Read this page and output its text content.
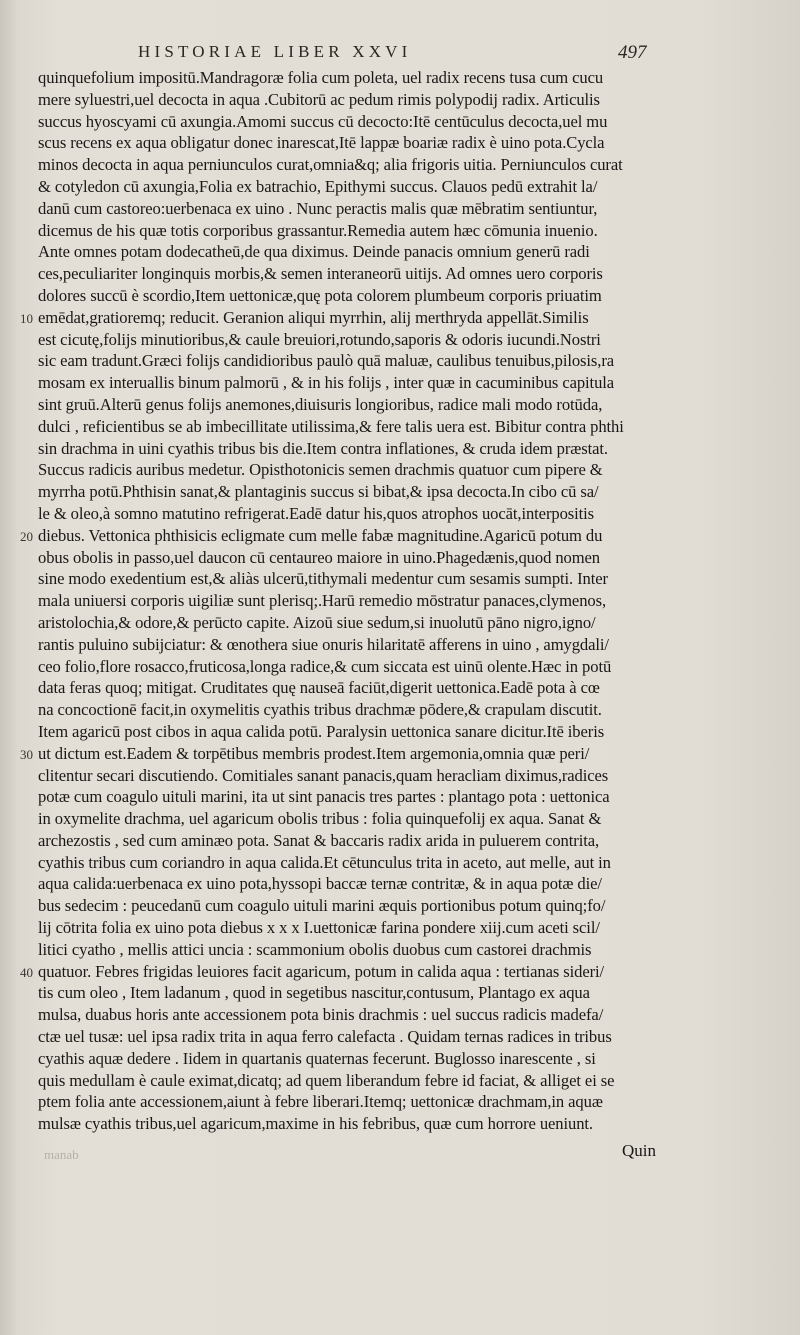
HISTORIAE LIBER XXVI	497
quinquefolium impositū.Mandragoræ folia cum poleta, uel radix recens tusa cum cucu
mere syluestri,uel decocta in aqua .Cubitorū ac pedum rimis polypodij radix. Articulis
succus hyoscyami cū axungia.Amomi succus cū decocto:Itē centūculus decocta,uel mu
scus recens ex aqua obligatur donec inarescat,Itē lappæ boariæ radix è uino pota.Cycla
minos decocta in aqua perniunculos curat,omnia&q; alia frigoris uitia. Perniunculos curat
& cotyledon cū axungia,Folia ex batrachio, Epithymi succus. Clauos pedū extrahit la/
danū cum castoreo:uerbenaca ex uino . Nunc peractis malis quæ mēbratim sentiuntur,
dicemus de his quæ totis corporibus grassantur.Remedia autem hæc cōmunia inuenio.
Ante omnes potam dodecatheū,de qua diximus. Deinde panacis omnium generū radi
ces,peculiariter longinquis morbis,& semen interaneorū uitijs. Ad omnes uero corporis
dolores succū è scordio,Item uettonicæ,quę pota colorem plumbeum corporis priuatim
emēdat,gratioremq; reducit. Geranion aliqui myrrhin, alij merthryda appellāt.Similis
est cicutę,folijs minutioribus,& caule breuiori,rotundo,saporis & odoris iucundi.Nostri
sic eam tradunt.Græci folijs candidioribus paulò quā maluæ, caulibus tenuibus,pilosis,ra
mosam ex interuallis binum palmorū , & in his folijs , inter quæ in cacuminibus capitula
sint gruū.Alterū genus folijs anemones,diuisuris longioribus, radice mali modo rotūda,
dulci , reficientibus se ab imbecillitate utilissima,& fere talis uera est. Bibitur contra phthi
sin drachma in uini cyathis tribus bis die.Item contra inflationes, & cruda idem præstat.
Succus radicis auribus medetur. Opisthotonicis semen drachmis quatuor cum pipere &
myrrha potū.Phthisin sanat,& plantaginis succus si bibat,& ipsa decocta.In cibo cū sa/
le & oleo,à somno matutino refrigerat.Eadē datur his,quos atrophos uocāt,interpositis
diebus. Vettonica phthisicis ecligmate cum melle fabæ magnitudine.Agaricū potum du
obus obolis in passo,uel daucon cū centaureo maiore in uino.Phagedænis,quod nomen
sine modo exedentium est,& aliàs ulcerū,tithymali medentur cum sesamis sumpti. Inter
mala uniuersi corporis uigiliæ sunt plerisq;.Harū remedio mōstratur panaces,clymenos,
aristolochia,& odore,& perūcto capite. Aizoū siue sedum,si inuolutū pāno nigro,igno/
rantis puluino subijciatur: & œnothera siue onuris hilaritatē afferens in uino , amygdali/
ceo folio,flore rosacco,fruticosa,longa radice,& cum siccata est uinū olente.Hæc in potū
data feras quoq; mitigat. Cruditates quę nauseā faciūt,digerit uettonica.Eadē pota à cœ
na concoctionē facit,in oxymelitis cyathis tribus drachmæ pōdere,& crapulam discutit.
Item agaricū post cibos in aqua calida potū. Paralysin uettonica sanare dicitur.Itē iberis
ut dictum est.Eadem & torpētibus membris prodest.Item argemonia,omnia quæ peri/
clitentur secari discutiendo. Comitiales sanant panacis,quam heracliam diximus,radices
potæ cum coagulo uituli marini, ita ut sint panacis tres partes : plantago pota : uettonica
in oxymelite drachma, uel agaricum obolis tribus : folia quinquefolij ex aqua. Sanat &
archezostis , sed cum aminæo pota. Sanat & baccaris radix arida in puluerem contrita,
cyathis tribus cum coriandro in aqua calida.Et cētunculus trita in aceto, aut melle, aut in
aqua calida:uerbenaca ex uino pota,hyssopi baccæ ternæ contritæ, & in aqua potæ die/
bus sedecim : peucedanū cum coagulo uituli marini æquis portionibus potum quinq;fo/
lij cōtrita folia ex uino pota diebus x x x I.uettonicæ farina pondere xiij.cum aceti scil/
litici cyatho , mellis attici uncia : scammonium obolis duobus cum castorei drachmis
quatuor. Febres frigidas leuiores facit agaricum, potum in calida aqua : tertianas sideri/
tis cum oleo , Item ladanum , quod in segetibus nascitur,contusum, Plantago ex aqua
mulsa, duabus horis ante accessionem pota binis drachmis : uel succus radicis madefa/
ctæ uel tusæ: uel ipsa radix trita in aqua ferro calefacta . Quidam ternas radices in tribus
cyathis aquæ dedere . Iidem in quartanis quaternas fecerunt. Buglosso inarescente , si
quis medullam è caule eximat,dicatq; ad quem liberandum febre id faciat, & alliget ei se
ptem folia ante accessionem,aiunt à febre liberari.Itemq; uettonicæ drachmam,in aquæ
mulsæ cyathis tribus,uel agaricum,maxime in his febribus, quæ cum horrore ueniunt.
10
20
30
40
manab	Quin
